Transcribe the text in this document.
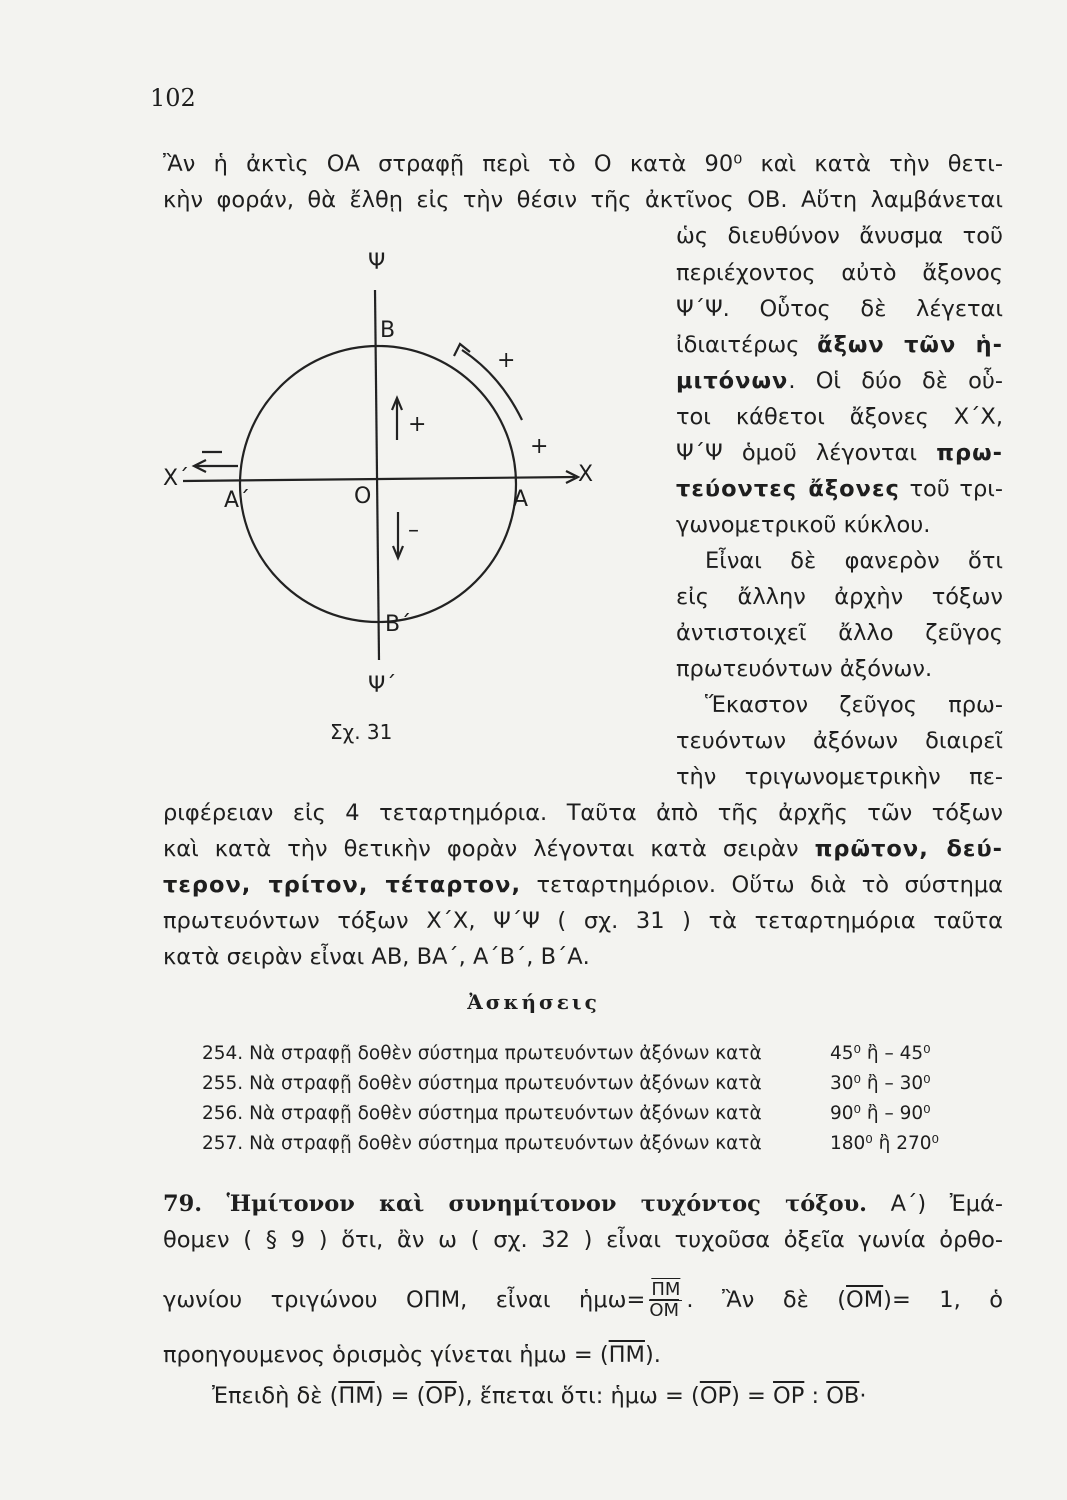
102
Ἂν ἡ ἀκτὶς ΟΑ στραφῇ περὶ τὸ Ο κατὰ 90⁰ καὶ κατὰ τὴν θετι-
κὴν φοράν, θὰ ἔλθῃ εἰς τὴν θέσιν τῆς ἀκτῖνος ΟΒ. Αὕτη λαμβάνεται
ὡς διευθύνον ἄνυσμα τοῦ
περιέχοντος αὐτὸ ἄξονος
Ψ΄Ψ. Οὗτος δὲ λέγεται
ἰδιαιτέρως ἄξων τῶν ἡ-
μιτόνων. Οἱ δύο δὲ οὗ-
τοι κάθετοι ἄξονες Χ΄Χ,
Ψ΄Ψ ὁμοῦ λέγονται πρω-
τεύοντες ἄξονες τοῦ τρι-
γωνομετρικοῦ κύκλου.
Εἶναι δὲ φανερὸν ὅτι
εἰς ἄλλην ἀρχὴν τόξων
ἀντιστοιχεῖ ἄλλο ζεῦγος
πρωτευόντων ἀξόνων.
Ἕκαστον ζεῦγος πρω-
τευόντων ἀξόνων διαιρεῖ
τὴν τριγωνομετρικὴν πε-
ριφέρειαν εἰς 4 τεταρτημόρια. Ταῦτα ἀπὸ τῆς ἀρχῆς τῶν τόξων
καὶ κατὰ τὴν θετικὴν φορὰν λέγονται κατὰ σειρὰν πρῶτον, δεύ-
τερον, τρίτον, τέταρτον, τεταρτημόριον. Οὕτω διὰ τὸ σύστημα
πρωτευόντων τόξων Χ΄Χ, Ψ΄Ψ ( σχ. 31 ) τὰ τεταρτημόρια ταῦτα
κατὰ σειρὰν εἶναι ΑΒ, ΒΑ΄, Α΄Β΄, Β΄Α.
Ψ
B
+
+
+
X΄
A΄	O	A
X
–
B΄
Ψ΄
Σχ. 31
Ἀσκήσεις
254. Νὰ στραφῇ δοθὲν σύστημα πρωτευόντων ἀξόνων κατὰ	45⁰ ἢ – 45⁰
255. Νὰ στραφῇ δοθὲν σύστημα πρωτευόντων ἀξόνων κατὰ	30⁰ ἢ – 30⁰
256. Νὰ στραφῇ δοθὲν σύστημα πρωτευόντων ἀξόνων κατὰ	90⁰ ἢ – 90⁰
257. Νὰ στραφῇ δοθὲν σύστημα πρωτευόντων ἀξόνων κατὰ	180⁰ ἢ 270⁰
79. Ἡμίτονον καὶ συνημίτονον τυχόντος τόξου. Α΄) Ἐμά-
θομεν ( § 9 ) ὅτι, ἂν ω ( σχ. 32 ) εἶναι τυχοῦσα ὀξεῖα γωνία ὀρθο-
γωνίου τριγώνου ΟΠΜ, εἶναι ἡμω= $\frac{\overline{\Pi M}}{OM}$ . Ἂν δὲ $(\overline{OM})= 1$, ὁ
προηγουμενος ὁρισμὸς γίνεται ἡμω = $(\overline{\Pi M})$.
Ἐπειδὴ δὲ $(\overline{\Pi M}) = (\overline{OP})$, ἕπεται ὅτι: ἡμω = $(\overline{OP}) = \overline{OP}$ : $\overline{OB}\cdot$
